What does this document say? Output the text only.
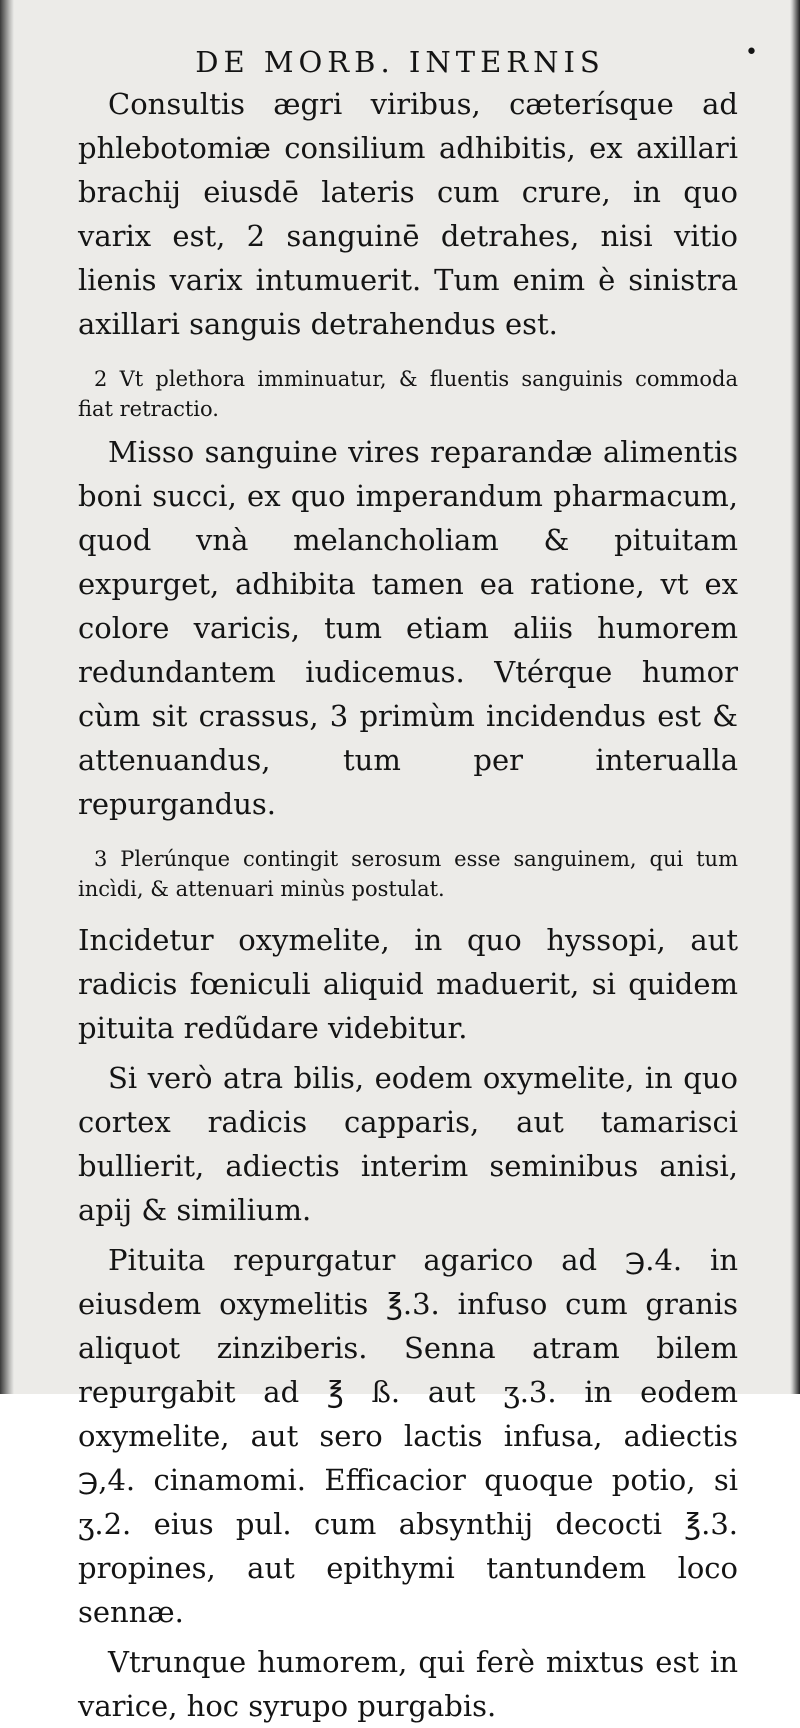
DE MORB. INTERNIS	•

Consultis ægri viribus, cæterísque ad phlebotomiæ consilium adhibitis, ex axillari brachij eiusdē lateris cum crure, in quo varix est, 2 sanguinē detrahes, nisi vitio lienis varix intumuerit. Tum enim è sinistra axillari sanguis detrahendus est.

2 Vt plethora imminuatur, & fluentis sanguinis commoda fiat retractio.

Misso sanguine vires reparandæ alimentis boni succi, ex quo imperandum pharmacum, quod vnà melancholiam & pituitam expurget, adhibita tamen ea ratione, vt ex colore varicis, tum etiam aliis humorem redundantem iudicemus. Vtérque humor cùm sit crassus, 3 primùm incidendus est & attenuandus, tum per interualla repurgandus.

3 Plerúnque contingit serosum esse sanguinem, qui tum incìdi, & attenuari minùs postulat.

Incidetur oxymelite, in quo hyssopi, aut radicis fœniculi aliquid maduerit, si quidem pituita redũdare videbitur.

Si verò atra bilis, eodem oxymelite, in quo cortex radicis capparis, aut tamarisci bullierit, adiectis interim seminibus anisi, apij & similium.

Pituita repurgatur agarico ad ℈.4. in eiusdem oxymelitis ℥.3. infuso cum granis aliquot zinziberis. Senna atram bilem repurgabit ad ℥ ß. aut ʒ.3. in eodem oxymelite, aut sero lactis infusa, adiectis ℈,4. cinamomi. Efficacior quoque potio, si ʒ.2. eius pul. cum absynthij decocti ℥.3. propines, aut epithymi tantundem loco sennæ.

Vtrunque humorem, qui ferè mixtus est in varice, hoc syrupo purgabis.
